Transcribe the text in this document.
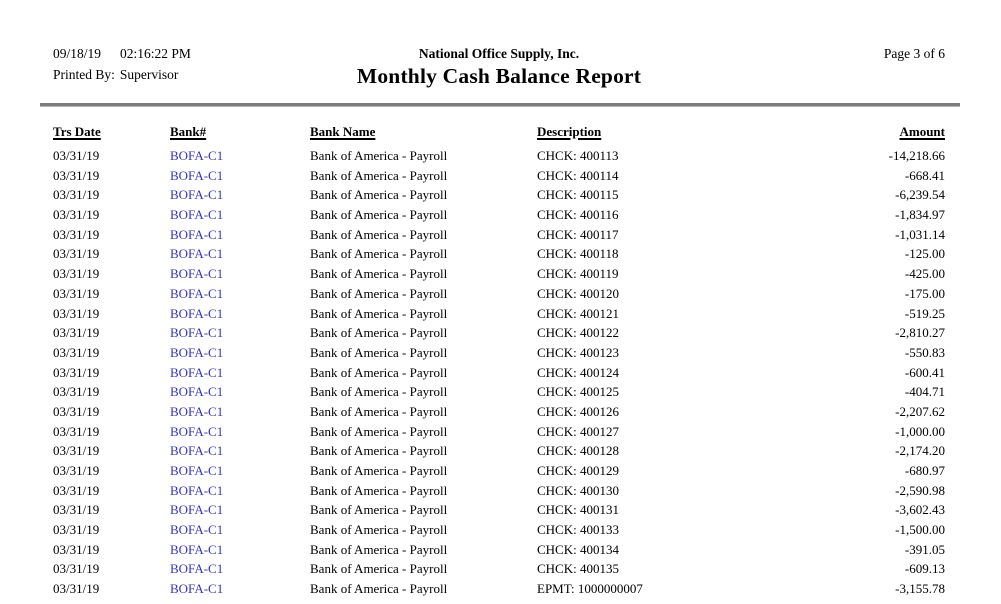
09/18/19 02:16:22 PM	National Office Supply, Inc.	Page 3 of 6
Printed By: Supervisor	Monthly Cash Balance Report
Trs Date	Bank#	Bank Name	Description	Amount
03/31/19	BOFA-C1	Bank of America - Payroll	CHCK: 400113	-14,218.66
03/31/19	BOFA-C1	Bank of America - Payroll	CHCK: 400114	-668.41
03/31/19	BOFA-C1	Bank of America - Payroll	CHCK: 400115	-6,239.54
03/31/19	BOFA-C1	Bank of America - Payroll	CHCK: 400116	-1,834.97
03/31/19	BOFA-C1	Bank of America - Payroll	CHCK: 400117	-1,031.14
03/31/19	BOFA-C1	Bank of America - Payroll	CHCK: 400118	-125.00
03/31/19	BOFA-C1	Bank of America - Payroll	CHCK: 400119	-425.00
03/31/19	BOFA-C1	Bank of America - Payroll	CHCK: 400120	-175.00
03/31/19	BOFA-C1	Bank of America - Payroll	CHCK: 400121	-519.25
03/31/19	BOFA-C1	Bank of America - Payroll	CHCK: 400122	-2,810.27
03/31/19	BOFA-C1	Bank of America - Payroll	CHCK: 400123	-550.83
03/31/19	BOFA-C1	Bank of America - Payroll	CHCK: 400124	-600.41
03/31/19	BOFA-C1	Bank of America - Payroll	CHCK: 400125	-404.71
03/31/19	BOFA-C1	Bank of America - Payroll	CHCK: 400126	-2,207.62
03/31/19	BOFA-C1	Bank of America - Payroll	CHCK: 400127	-1,000.00
03/31/19	BOFA-C1	Bank of America - Payroll	CHCK: 400128	-2,174.20
03/31/19	BOFA-C1	Bank of America - Payroll	CHCK: 400129	-680.97
03/31/19	BOFA-C1	Bank of America - Payroll	CHCK: 400130	-2,590.98
03/31/19	BOFA-C1	Bank of America - Payroll	CHCK: 400131	-3,602.43
03/31/19	BOFA-C1	Bank of America - Payroll	CHCK: 400133	-1,500.00
03/31/19	BOFA-C1	Bank of America - Payroll	CHCK: 400134	-391.05
03/31/19	BOFA-C1	Bank of America - Payroll	CHCK: 400135	-609.13
03/31/19	BOFA-C1	Bank of America - Payroll	EPMT: 1000000007	-3,155.78
